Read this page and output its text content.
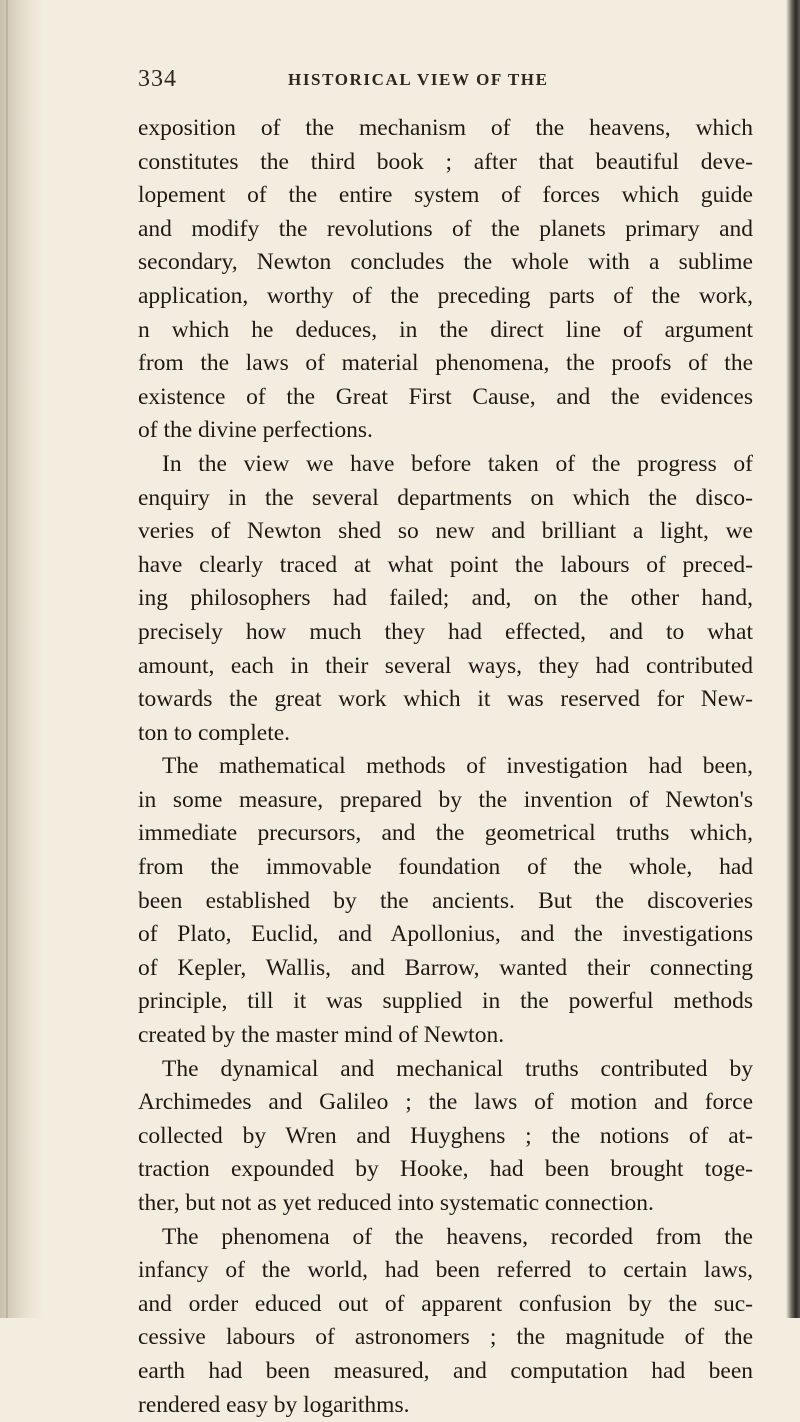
334	HISTORICAL VIEW OF THE
exposition of the mechanism of the heavens, which
constitutes the third book ; after that beautiful deve-
lopement of the entire system of forces which guide
and modify the revolutions of the planets primary and
secondary, Newton concludes the whole with a sublime
application, worthy of the preceding parts of the work,
n which he deduces, in the direct line of argument
from the laws of material phenomena, the proofs of the
existence of the Great First Cause, and the evidences
of the divine perfections.
In the view we have before taken of the progress of
enquiry in the several departments on which the disco-
veries of Newton shed so new and brilliant a light, we
have clearly traced at what point the labours of preced-
ing philosophers had failed; and, on the other hand,
precisely how much they had effected, and to what
amount, each in their several ways, they had contributed
towards the great work which it was reserved for New-
ton to complete.
The mathematical methods of investigation had been,
in some measure, prepared by the invention of Newton's
immediate precursors, and the geometrical truths which,
from the immovable foundation of the whole, had
been established by the ancients. But the discoveries
of Plato, Euclid, and Apollonius, and the investigations
of Kepler, Wallis, and Barrow, wanted their connecting
principle, till it was supplied in the powerful methods
created by the master mind of Newton.
The dynamical and mechanical truths contributed by
Archimedes and Galileo ; the laws of motion and force
collected by Wren and Huyghens ; the notions of at-
traction expounded by Hooke, had been brought toge-
ther, but not as yet reduced into systematic connection.
The phenomena of the heavens, recorded from the
infancy of the world, had been referred to certain laws,
and order educed out of apparent confusion by the suc-
cessive labours of astronomers ; the magnitude of the
earth had been measured, and computation had been
rendered easy by logarithms.
